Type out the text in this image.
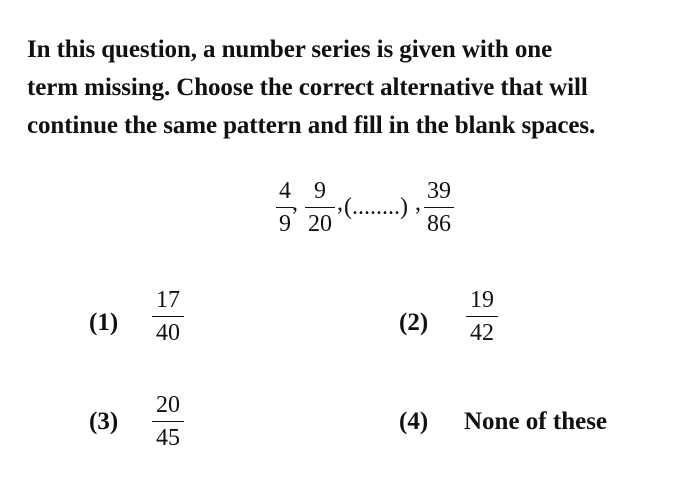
In this question, a number series is given with one
term missing. Choose the correct alternative that will
continue the same pattern and fill in the blank spaces.
4
9
, 9
20
, (........) , 39
86
(1)
17
40	(2)
19
42
(3)
20
45
(4) None of these
